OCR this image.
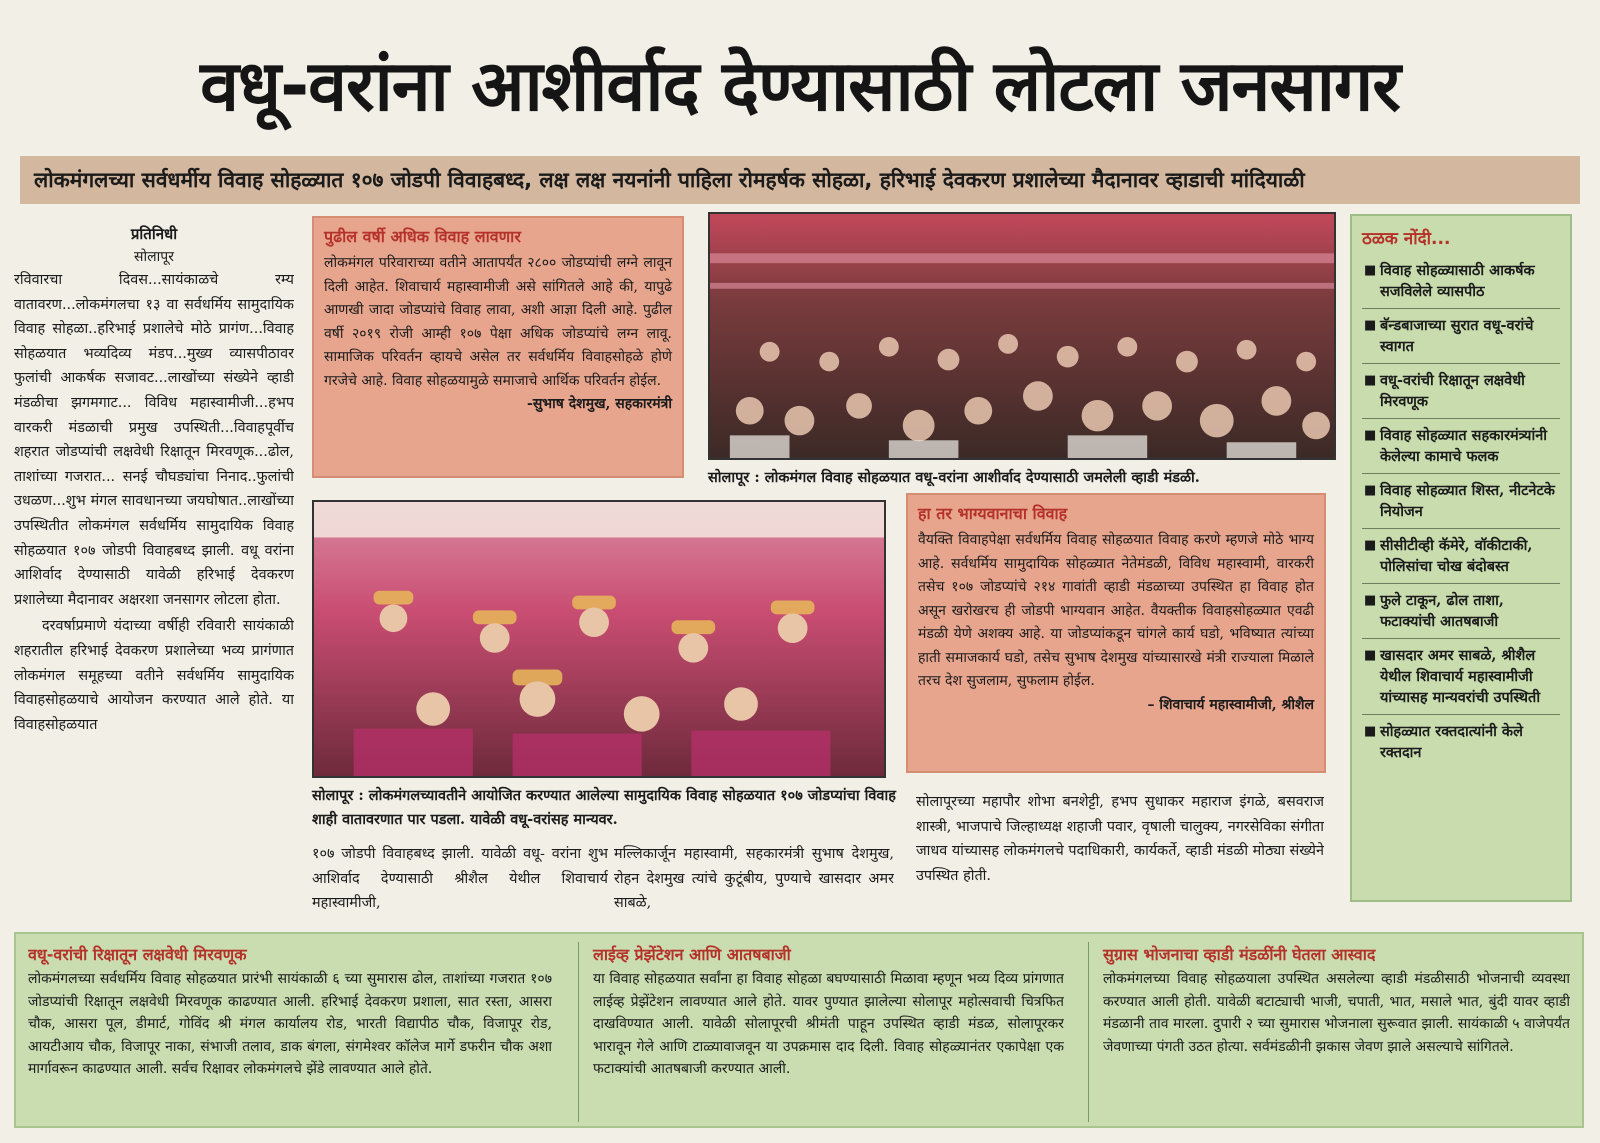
वधू-वरांना आशीर्वाद देण्यासाठी लोटला जनसागर
लोकमंगलच्या सर्वधर्मीय विवाह सोहळ्यात १०७ जोडपी विवाहबध्द, लक्ष लक्ष नयनांनी पाहिला रोमहर्षक सोहळा, हरिभाई देवकरण प्रशालेच्या मैदानावर व्हाडाची मांदियाळी
प्रतिनिधी
सोलापूर

रविवारचा दिवस...सायंकाळचे रम्य वातावरण...लोकमंगलचा १३ वा सर्वधर्मिय सामुदायिक विवाह सोहळा..हरिभाई प्रशालेचे मोठे प्रागंण...विवाह सोहळयात भव्यदिव्य मंडप...मुख्य व्यासपीठावर फुलांची आकर्षक सजावट...लाखोंच्या संख्येने व्हाडी मंडळीचा झगमगाट... विविध महास्वामीजी...हभप वारकरी मंडळाची प्रमुख उपस्थिती...विवाहपूर्वीच शहरात जोडप्यांची लक्षवेधी रिक्षातून मिरवणूक...ढोल, ताशांच्या गजरात... सनई चौघड्यांचा निनाद..फुलांची उधळण...शुभ मंगल सावधानच्या जयघोषात..लाखोंच्या उपस्थितीत लोकमंगल सर्वधर्मिय सामुदायिक विवाह सोहळयात १०७ जोडपी विवाहबध्द झाली. वधू वरांना आशिर्वाद देण्यासाठी यावेळी हरिभाई देवकरण प्रशालेच्या मैदानावर अक्षरशा जनसागर लोटला होता.

दरवर्षाप्रमाणे यंदाच्या वर्षीही रविवारी सायंकाळी शहरातील हरिभाई देवकरण प्रशालेच्या भव्य प्रागंणात लोकमंगल समूहच्या वतीने सर्वधर्मिय सामुदायिक विवाहसोहळयाचे आयोजन करण्यात आले होते. या विवाहसोहळयात

पुढील वर्षी अधिक विवाह लावणार
लोकमंगल परिवाराच्या वतीने आतापर्यंत २८०० जोडप्यांची लग्ने लावून दिली आहेत. शिवाचार्य महास्वामीजी असे सांगितले आहे की, यापुढे आणखी जादा जोडप्यांचे विवाह लावा, अशी आज्ञा दिली आहे. पुढील वर्षी २०१९ रोजी आम्ही १०७ पेक्षा अधिक जोडप्यांचे लग्न लावू. सामाजिक परिवर्तन व्हायचे असेल तर सर्वधर्मिय विवाहसोहळे होणे गरजेचे आहे. विवाह सोहळयामुळे समाजाचे आर्थिक परिवर्तन होईल.
-सुभाष देशमुख, सहकारमंत्री
सोलापूर : लोकमंगल विवाह सोहळयात वधू-वरांना आशीर्वाद देण्यासाठी जमलेली व्हाडी मंडळी.
सोलापूर : लोकमंगलच्यावतीने आयोजित करण्यात आलेल्या सामुदायिक विवाह सोहळयात १०७ जोडप्यांचा विवाह शाही वातावरणात पार पडला. यावेळी वधू-वरांसह मान्यवर.
हा तर भाग्यवानाचा विवाह
वैयक्ति विवाहपेक्षा सर्वधर्मिय विवाह सोहळयात विवाह करणे म्हणजे मोठे भाग्य आहे. सर्वधर्मिय सामुदायिक सोहळ्यात नेतेमंडळी, विविध महास्वामी, वारकरी तसेच १०७ जोडप्यांचे २१४ गावांती व्हाडी मंडळाच्या उपस्थित हा विवाह होत असून खरोखरच ही जोडपी भाग्यवान आहेत. वैयक्तीक विवाहसोहळ्यात एवढी मंडळी येणे अशक्य आहे. या जोडप्यांकडून चांगले कार्य घडो, भविष्यात त्यांच्या हाती समाजकार्य घडो, तसेच सुभाष देशमुख यांच्यासारखे मंत्री राज्याला मिळाले तरच देश सुजलाम, सुफलाम होईल.
– शिवाचार्य महास्वामीजी, श्रीशैल
१०७ जोडपी विवाहबध्द झाली. यावेळी वधू- वरांना शुभ आशिर्वाद देण्यासाठी श्रीशैल येथील शिवाचार्य महास्वामीजी,
मल्लिकार्जून महास्वामी, सहकारमंत्री सुभाष देशमुख, रोहन देशमुख त्यांचे कुटूंबीय, पुण्याचे खासदार अमर साबळे,
सोलापूरच्या महापौर शोभा बनशेट्टी, हभप सुधाकर महाराज इंगळे, बसवराज शास्त्री, भाजपाचे जिल्हाध्यक्ष शहाजी पवार, वृषाली चालुक्य, नगरसेविका संगीता जाधव यांच्यासह लोकमंगलचे पदाधिकारी, कार्यकर्ते, व्हाडी मंडळी मोठ्या संख्येने उपस्थित होती.
ठळक नोंदी...
■ विवाह सोहळ्यासाठी आकर्षक सजविलेले व्यासपीठ
■ बॅन्डबाजाच्या सुरात वधू-वरांचे स्वागत
■ वधू-वरांची रिक्षातून लक्षवेधी मिरवणूक
■ विवाह सोहळ्यात सहकारमंत्र्यांनी केलेल्या कामाचे फलक
■ विवाह सोहळ्यात शिस्त, नीटनेटके नियोजन
■ सीसीटीव्ही कॅमेरे, वॉकीटाकी, पोलिसांचा चोख बंदोबस्त
■ फुले टाकून, ढोल ताशा, फटाक्यांची आतषबाजी
■ खासदार अमर साबळे, श्रीशैल येथील शिवाचार्य महास्वामीजी यांच्यासह मान्यवरांची उपस्थिती
■ सोहळ्यात रक्तदात्यांनी केले रक्तदान
वधू-वरांची रिक्षातून लक्षवेधी मिरवणूक
लोकमंगलच्या सर्वधर्मिय विवाह सोहळयात प्रारंभी सायंकाळी ६ च्या सुमारास ढोल, ताशांच्या गजरात १०७ जोडप्यांची रिक्षातून लक्षवेधी मिरवणूक काढण्यात आली. हरिभाई देवकरण प्रशाला, सात रस्ता, आसरा चौक, आसरा पूल, डीमार्ट, गोविंद श्री मंगल कार्यालय रोड, भारती विद्यापीठ चौक, विजापूर रोड, आयटीआय चौक, विजापूर नाका, संभाजी तलाव, डाक बंगला, संगमेश्वर कॉलेज मार्गे डफरीन चौक अशा मार्गावरून काढण्यात आली. सर्वच रिक्षावर लोकमंगलचे झेंडे लावण्यात आले होते.
लाईव्ह प्रेझेंटेशन आणि आतषबाजी
या विवाह सोहळयात सर्वांना हा विवाह सोहळा बघण्यासाठी मिळावा म्हणून भव्य दिव्य प्रांगणात लाईव्ह प्रेझेंटेशन लावण्यात आले होते. यावर पुण्यात झालेल्या सोलापूर महोत्सवाची चित्रफित दाखविण्यात आली. यावेळी सोलापूरची श्रीमंती पाहून उपस्थित व्हाडी मंडळ, सोलापूरकर भारावून गेले आणि टाळ्यावाजवून या उपक्रमास दाद दिली. विवाह सोहळ्यानंतर एकापेक्षा एक फटाक्यांची आतषबाजी करण्यात आली.
सुग्रास भोजनाचा व्हाडी मंडळींनी घेतला आस्वाद
लोकमंगलच्या विवाह सोहळयाला उपस्थित असलेल्या व्हाडी मंडळीसाठी भोजनाची व्यवस्था करण्यात आली होती. यावेळी बटाट्याची भाजी, चपाती, भात, मसाले भात, बुंदी यावर व्हाडी मंडळानी ताव मारला. दुपारी २ च्या सुमारास भोजनाला सुरूवात झाली. सायंकाळी ५ वाजेपर्यंत जेवणाच्या पंगती उठत होत्या. सर्वमंडळीनी झकास जेवण झाले असल्याचे सांगितले.
